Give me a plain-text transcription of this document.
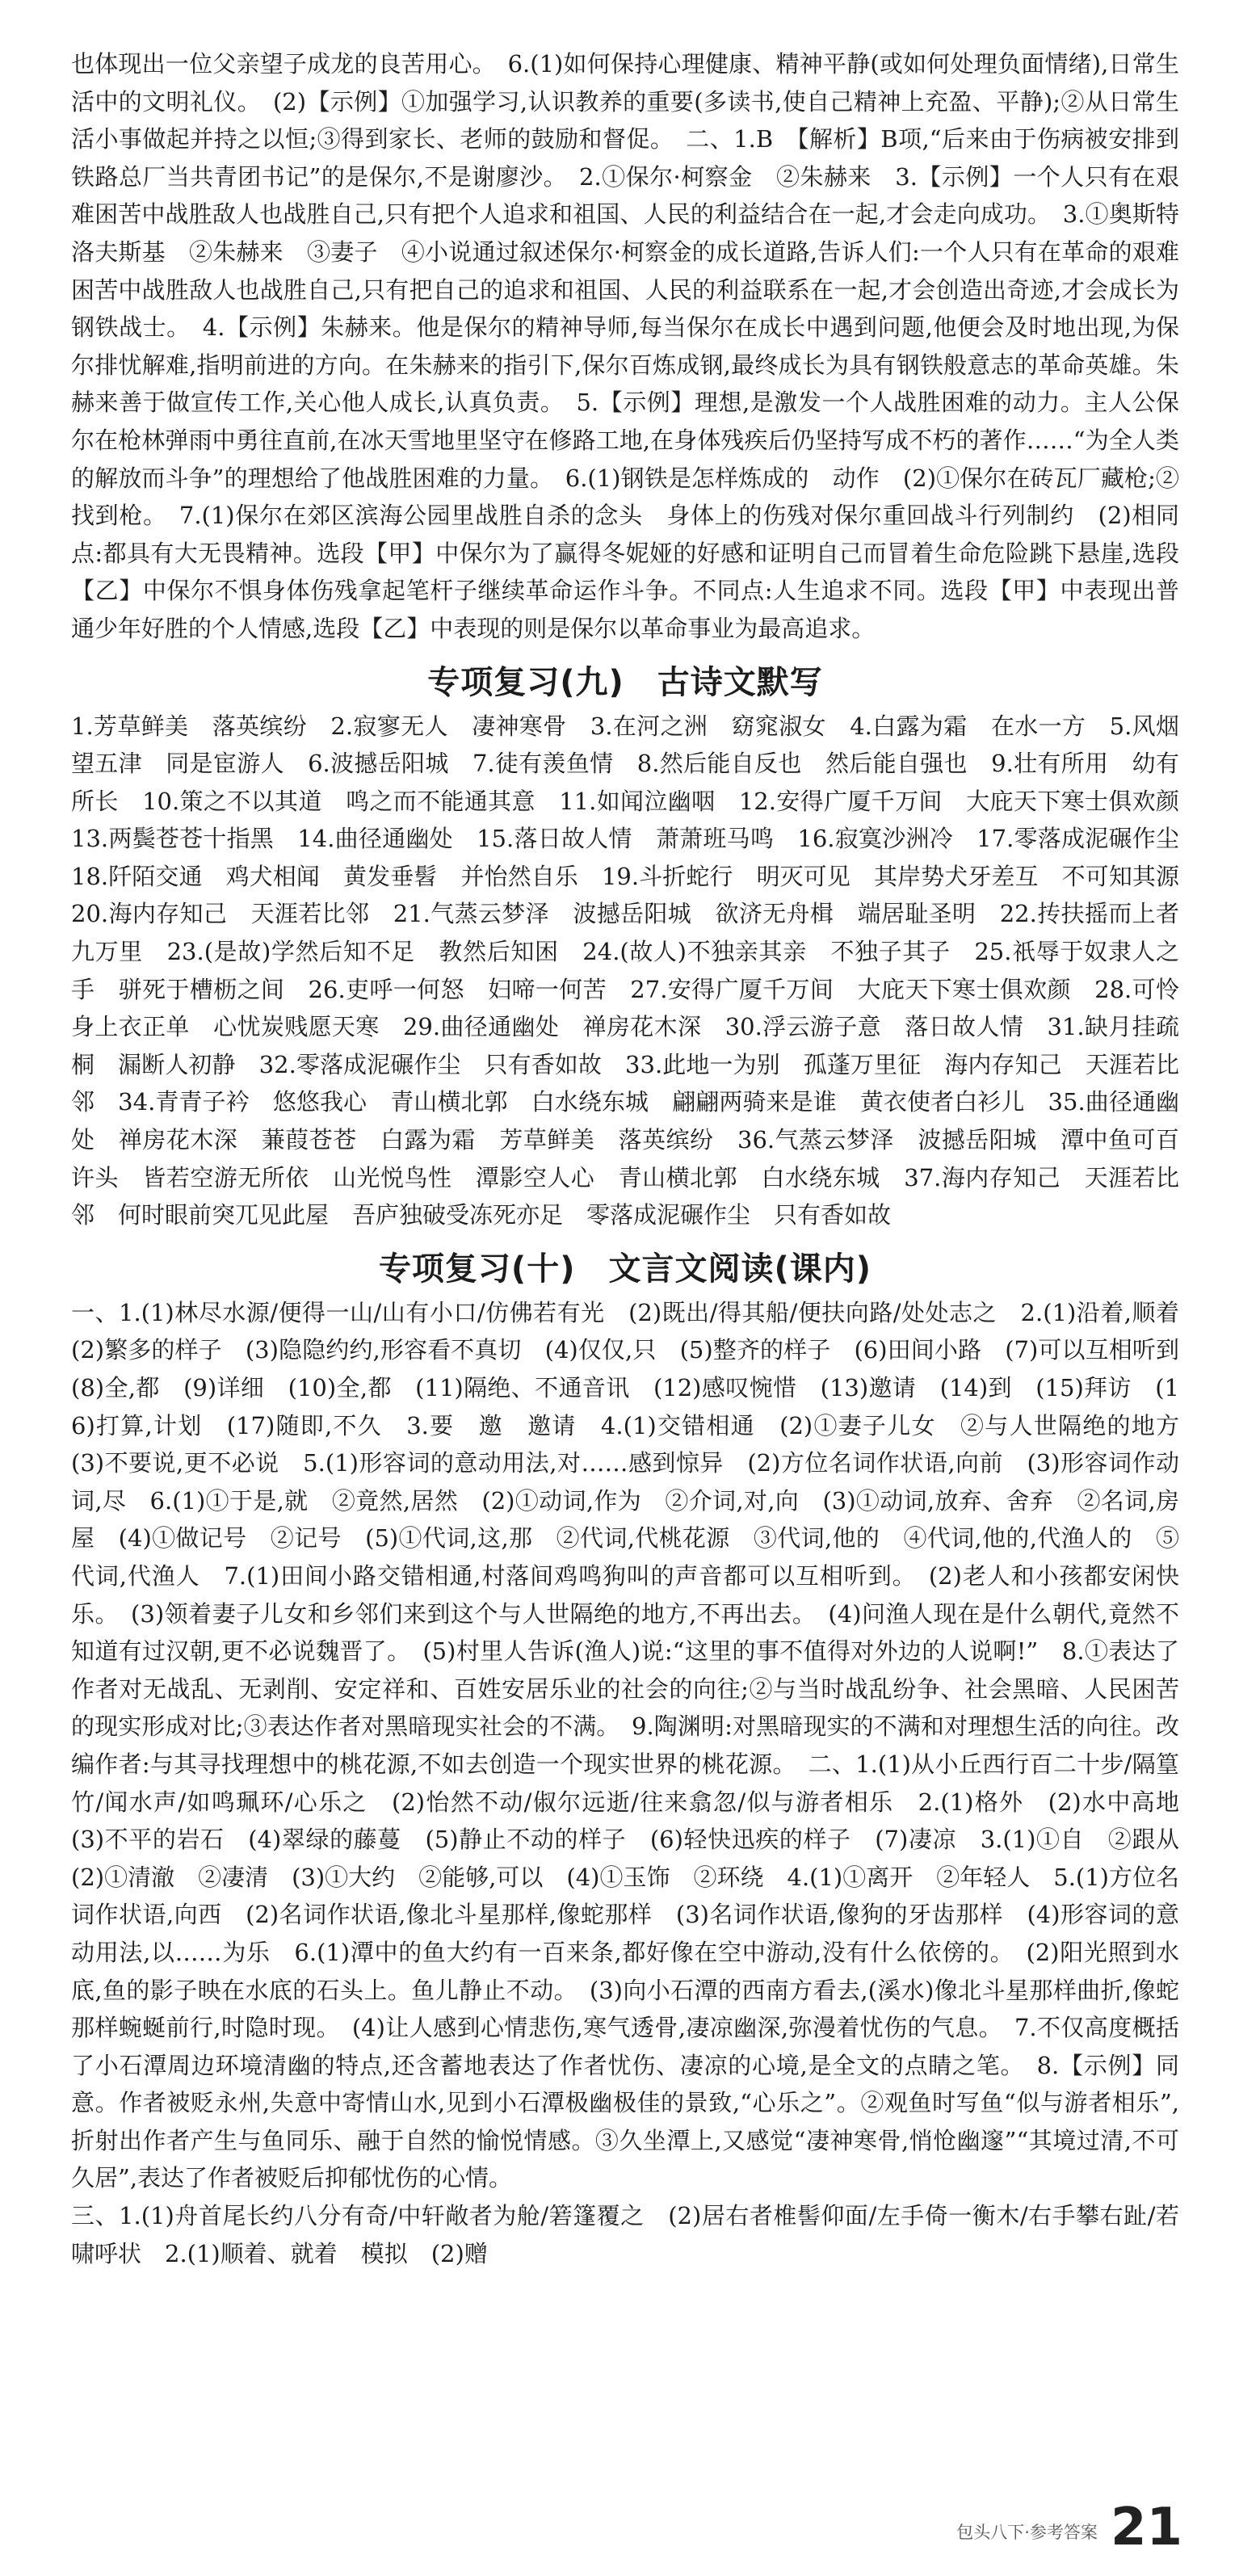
也体现出一位父亲望子成龙的良苦用心。　6.(1)如何保持心理健康、精神平静(或如何处理负面情绪),日常生活中的文明礼仪。　(2)【示例】①加强学习,认识教养的重要(多读书,使自己精神上充盈、平静);②从日常生活小事做起并持之以恒;③得到家长、老师的鼓励和督促。　二、1.B　【解析】B项,“后来由于伤病被安排到铁路总厂当共青团书记”的是保尔,不是谢廖沙。　2.①保尔·柯察金　②朱赫来　3.【示例】一个人只有在艰难困苦中战胜敌人也战胜自己,只有把个人追求和祖国、人民的利益结合在一起,才会走向成功。　3.①奥斯特洛夫斯基　②朱赫来　③妻子　④小说通过叙述保尔·柯察金的成长道路,告诉人们:一个人只有在革命的艰难困苦中战胜敌人也战胜自己,只有把自己的追求和祖国、人民的利益联系在一起,才会创造出奇迹,才会成长为钢铁战士。　4.【示例】朱赫来。他是保尔的精神导师,每当保尔在成长中遇到问题,他便会及时地出现,为保尔排忧解难,指明前进的方向。在朱赫来的指引下,保尔百炼成钢,最终成长为具有钢铁般意志的革命英雄。朱赫来善于做宣传工作,关心他人成长,认真负责。　5.【示例】理想,是激发一个人战胜困难的动力。主人公保尔在枪林弹雨中勇往直前,在冰天雪地里坚守在修路工地,在身体残疾后仍坚持写成不朽的著作……“为全人类的解放而斗争”的理想给了他战胜困难的力量。　6.(1)钢铁是怎样炼成的　动作　(2)①保尔在砖瓦厂藏枪;②找到枪。　7.(1)保尔在郊区滨海公园里战胜自杀的念头　身体上的伤残对保尔重回战斗行列制约　(2)相同点:都具有大无畏精神。选段【甲】中保尔为了赢得冬妮娅的好感和证明自己而冒着生命危险跳下悬崖,选段【乙】中保尔不惧身体伤残拿起笔杆子继续革命运作斗争。不同点:人生追求不同。选段【甲】中表现出普通少年好胜的个人情感,选段【乙】中表现的则是保尔以革命事业为最高追求。

专项复习(九)　古诗文默写

1.芳草鲜美　落英缤纷　2.寂寥无人　凄神寒骨　3.在河之洲　窈窕淑女　4.白露为霜　在水一方　5.风烟望五津　同是宦游人　6.波撼岳阳城　7.徒有羡鱼情　8.然后能自反也　然后能自强也　9.壮有所用　幼有所长　10.策之不以其道　鸣之而不能通其意　11.如闻泣幽咽　12.安得广厦千万间　大庇天下寒士俱欢颜　13.两鬓苍苍十指黑　14.曲径通幽处　15.落日故人情　萧萧班马鸣　16.寂寞沙洲冷　17.零落成泥碾作尘　18.阡陌交通　鸡犬相闻　黄发垂髫　并怡然自乐　19.斗折蛇行　明灭可见　其岸势犬牙差互　不可知其源　20.海内存知己　天涯若比邻　21.气蒸云梦泽　波撼岳阳城　欲济无舟楫　端居耻圣明　22.抟扶摇而上者九万里　23.(是故)学然后知不足　教然后知困　24.(故人)不独亲其亲　不独子其子　25.祇辱于奴隶人之手　骈死于槽枥之间　26.吏呼一何怒　妇啼一何苦　27.安得广厦千万间　大庇天下寒士俱欢颜　28.可怜身上衣正单　心忧炭贱愿天寒　29.曲径通幽处　禅房花木深　30.浮云游子意　落日故人情　31.缺月挂疏桐　漏断人初静　32.零落成泥碾作尘　只有香如故　33.此地一为别　孤蓬万里征　海内存知己　天涯若比邻　34.青青子衿　悠悠我心　青山横北郭　白水绕东城　翩翩两骑来是谁　黄衣使者白衫儿　35.曲径通幽处　禅房花木深　蒹葭苍苍　白露为霜　芳草鲜美　落英缤纷　36.气蒸云梦泽　波撼岳阳城　潭中鱼可百许头　皆若空游无所依　山光悦鸟性　潭影空人心　青山横北郭　白水绕东城　37.海内存知己　天涯若比邻　何时眼前突兀见此屋　吾庐独破受冻死亦足　零落成泥碾作尘　只有香如故

专项复习(十)　文言文阅读(课内)

一、1.(1)林尽水源/便得一山/山有小口/仿佛若有光　(2)既出/得其船/便扶向路/处处志之　2.(1)沿着,顺着　(2)繁多的样子　(3)隐隐约约,形容看不真切　(4)仅仅,只　(5)整齐的样子　(6)田间小路　(7)可以互相听到　(8)全,都　(9)详细　(10)全,都　(11)隔绝、不通音讯　(12)感叹惋惜　(13)邀请　(14)到　(15)拜访　(16)打算,计划　(17)随即,不久　3.要　邀　邀请　4.(1)交错相通　(2)①妻子儿女　②与人世隔绝的地方　(3)不要说,更不必说　5.(1)形容词的意动用法,对……感到惊异　(2)方位名词作状语,向前　(3)形容词作动词,尽　6.(1)①于是,就　②竟然,居然　(2)①动词,作为　②介词,对,向　(3)①动词,放弃、舍弃　②名词,房屋　(4)①做记号　②记号　(5)①代词,这,那　②代词,代桃花源　③代词,他的　④代词,他的,代渔人的　⑤代词,代渔人　7.(1)田间小路交错相通,村落间鸡鸣狗叫的声音都可以互相听到。　(2)老人和小孩都安闲快乐。　(3)领着妻子儿女和乡邻们来到这个与人世隔绝的地方,不再出去。　(4)问渔人现在是什么朝代,竟然不知道有过汉朝,更不必说魏晋了。　(5)村里人告诉(渔人)说:“这里的事不值得对外边的人说啊!”　8.①表达了作者对无战乱、无剥削、安定祥和、百姓安居乐业的社会的向往;②与当时战乱纷争、社会黑暗、人民困苦的现实形成对比;③表达作者对黑暗现实社会的不满。　9.陶渊明:对黑暗现实的不满和对理想生活的向往。改编作者:与其寻找理想中的桃花源,不如去创造一个现实世界的桃花源。　二、1.(1)从小丘西行百二十步/隔篁竹/闻水声/如鸣珮环/心乐之　(2)怡然不动/俶尔远逝/往来翕忽/似与游者相乐　2.(1)格外　(2)水中高地　(3)不平的岩石　(4)翠绿的藤蔓　(5)静止不动的样子　(6)轻快迅疾的样子　(7)凄凉　3.(1)①自　②跟从　(2)①清澈　②凄清　(3)①大约　②能够,可以　(4)①玉饰　②环绕　4.(1)①离开　②年轻人　5.(1)方位名词作状语,向西　(2)名词作状语,像北斗星那样,像蛇那样　(3)名词作状语,像狗的牙齿那样　(4)形容词的意动用法,以……为乐　6.(1)潭中的鱼大约有一百来条,都好像在空中游动,没有什么依傍的。　(2)阳光照到水底,鱼的影子映在水底的石头上。鱼儿静止不动。　(3)向小石潭的西南方看去,(溪水)像北斗星那样曲折,像蛇那样蜿蜒前行,时隐时现。　(4)让人感到心情悲伤,寒气透骨,凄凉幽深,弥漫着忧伤的气息。　7.不仅高度概括了小石潭周边环境清幽的特点,还含蓄地表达了作者忧伤、凄凉的心境,是全文的点睛之笔。　8.【示例】同意。作者被贬永州,失意中寄情山水,见到小石潭极幽极佳的景致,“心乐之”。②观鱼时写鱼“似与游者相乐”,折射出作者产生与鱼同乐、融于自然的愉悦情感。③久坐潭上,又感觉“凄神寒骨,悄怆幽邃”“其境过清,不可久居”,表达了作者被贬后抑郁忧伤的心情。

三、1.(1)舟首尾长约八分有奇/中轩敞者为舱/箬篷覆之　(2)居右者椎髻仰面/左手倚一衡木/右手攀右趾/若啸呼状　2.(1)顺着、就着　模拟　(2)赠

包头八下·参考答案 21
